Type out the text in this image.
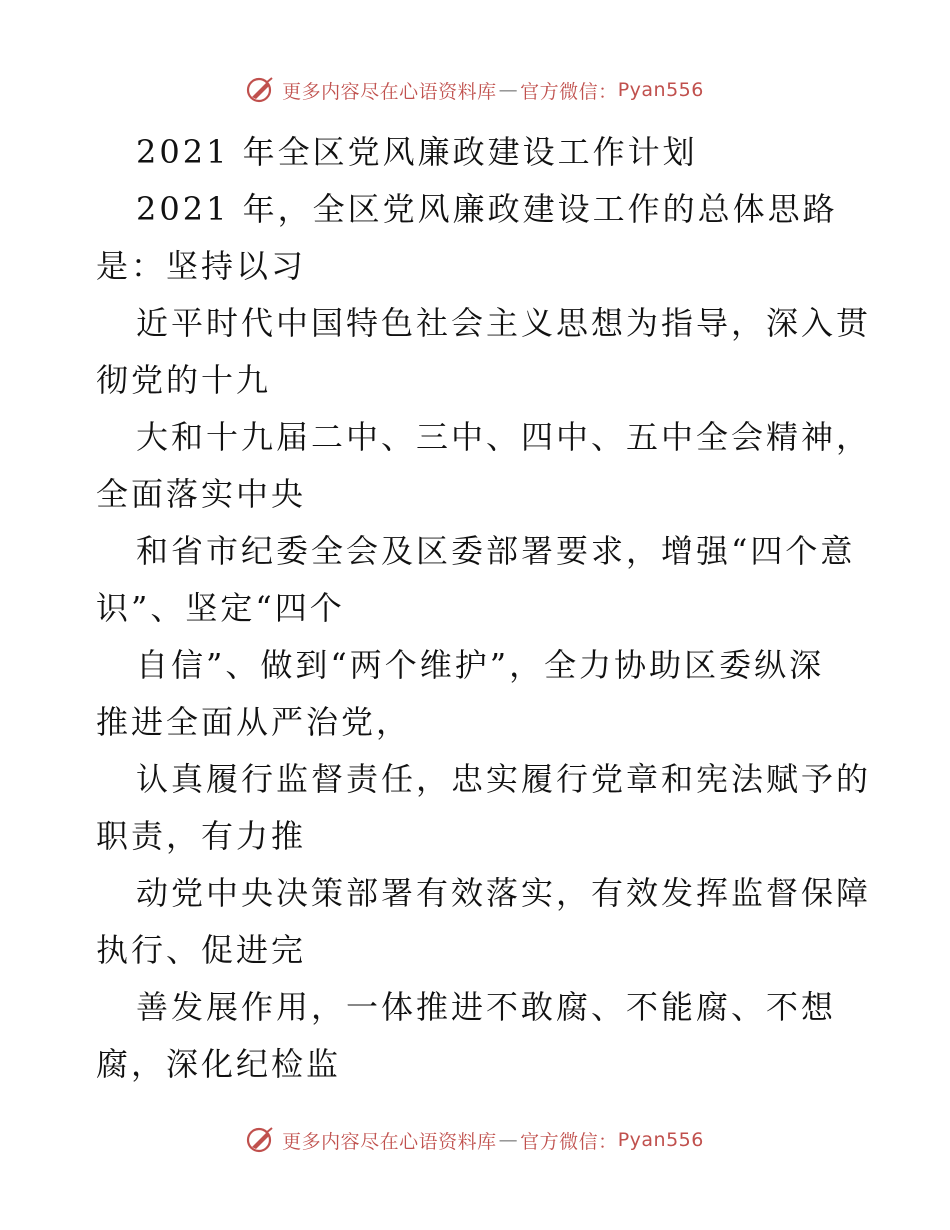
更多内容尽在心语资料库 — 官方微信： Pyan556
2021 年全区党风廉政建设工作计划
2021 年，全区党风廉政建设工作的总体思路
是：坚持以习
近平时代中国特色社会主义思想为指导，深入贯
彻党的十九
大和十九届二中、三中、四中、五中全会精神，
全面落实中央
和省市纪委全会及区委部署要求，增强“四个意
识”、坚定“四个
自信”、做到“两个维护”，全力协助区委纵深
推进全面从严治党，
认真履行监督责任，忠实履行党章和宪法赋予的
职责，有力推
动党中央决策部署有效落实，有效发挥监督保障
执行、促进完
善发展作用，一体推进不敢腐、不能腐、不想
腐，深化纪检监
更多内容尽在心语资料库 — 官方微信： Pyan556
